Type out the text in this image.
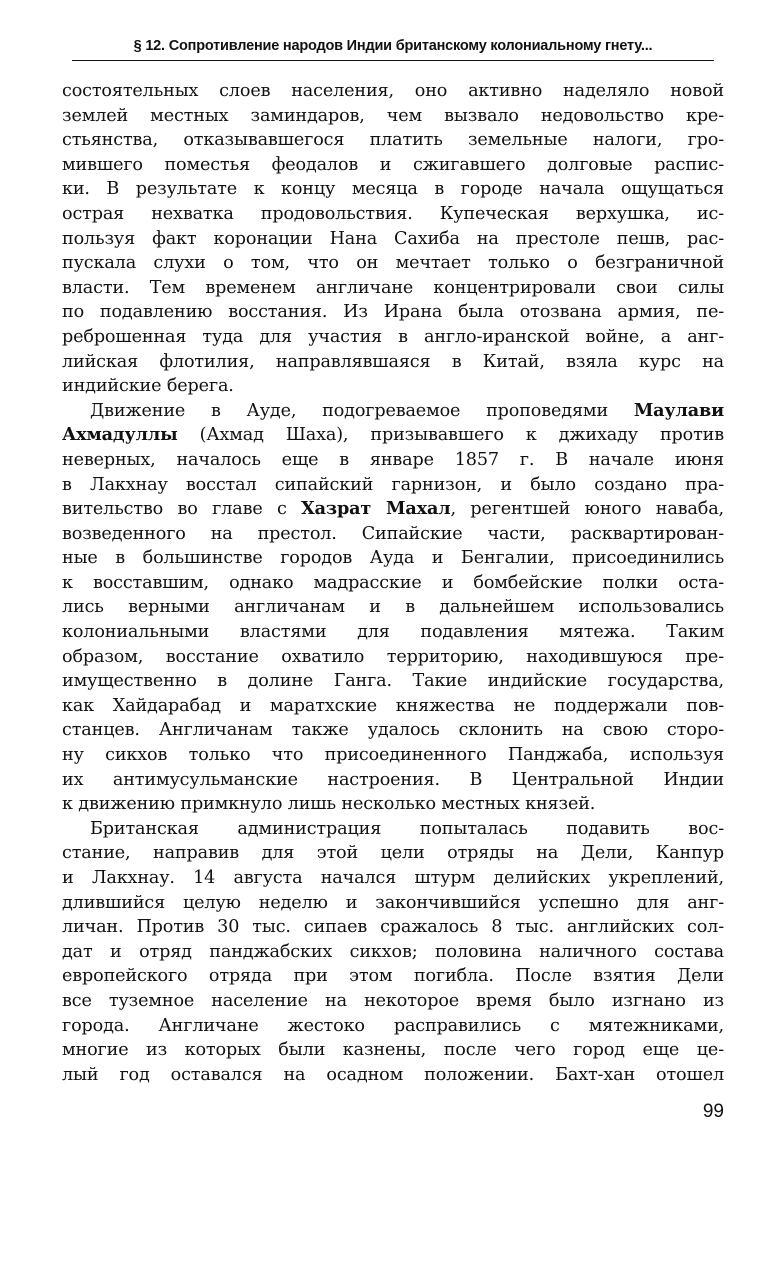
§ 12. Сопротивление народов Индии британскому колониальному гнету...
состоятельных слоев населения, оно активно наделяло новой
землей местных заминдаров, чем вызвало недовольство кре-
стьянства, отказывавшегося платить земельные налоги, гро-
мившего поместья феодалов и сжигавшего долговые распис-
ки. В результате к концу месяца в городе начала ощущаться
острая нехватка продовольствия. Купеческая верхушка, ис-
пользуя факт коронации Нана Сахиба на престоле пешв, рас-
пускала слухи о том, что он мечтает только о безграничной
власти. Тем временем англичане концентрировали свои силы
по подавлению восстания. Из Ирана была отозвана армия, пе-
реброшенная туда для участия в англо-иранской войне, а анг-
лийская флотилия, направлявшаяся в Китай, взяла курс на
индийские берега.
Движение в Ауде, подогреваемое проповедями Маулави
Ахмадуллы (Ахмад Шаха), призывавшего к джихаду против
неверных, началось еще в январе 1857 г. В начале июня
в Лакхнау восстал сипайский гарнизон, и было создано пра-
вительство во главе с Хазрат Махал, регентшей юного наваба,
возведенного на престол. Сипайские части, расквартирован-
ные в большинстве городов Ауда и Бенгалии, присоединились
к восставшим, однако мадрасские и бомбейские полки оста-
лись верными англичанам и в дальнейшем использовались
колониальными властями для подавления мятежа. Таким
образом, восстание охватило территорию, находившуюся пре-
имущественно в долине Ганга. Такие индийские государства,
как Хайдарабад и маратхские княжества не поддержали пов-
станцев. Англичанам также удалось склонить на свою сторо-
ну сикхов только что присоединенного Панджаба, используя
их антимусульманские настроения. В Центральной Индии
к движению примкнуло лишь несколько местных князей.
Британская администрация попыталась подавить вос-
стание, направив для этой цели отряды на Дели, Канпур
и Лакхнау. 14 августа начался штурм делийских укреплений,
длившийся целую неделю и закончившийся успешно для анг-
личан. Против 30 тыс. сипаев сражалось 8 тыс. английских сол-
дат и отряд панджабских сикхов; половина наличного состава
европейского отряда при этом погибла. После взятия Дели
все туземное население на некоторое время было изгнано из
города. Англичане жестоко расправились с мятежниками,
многие из которых были казнены, после чего город еще це-
лый год оставался на осадном положении. Бахт-хан отошел
99
